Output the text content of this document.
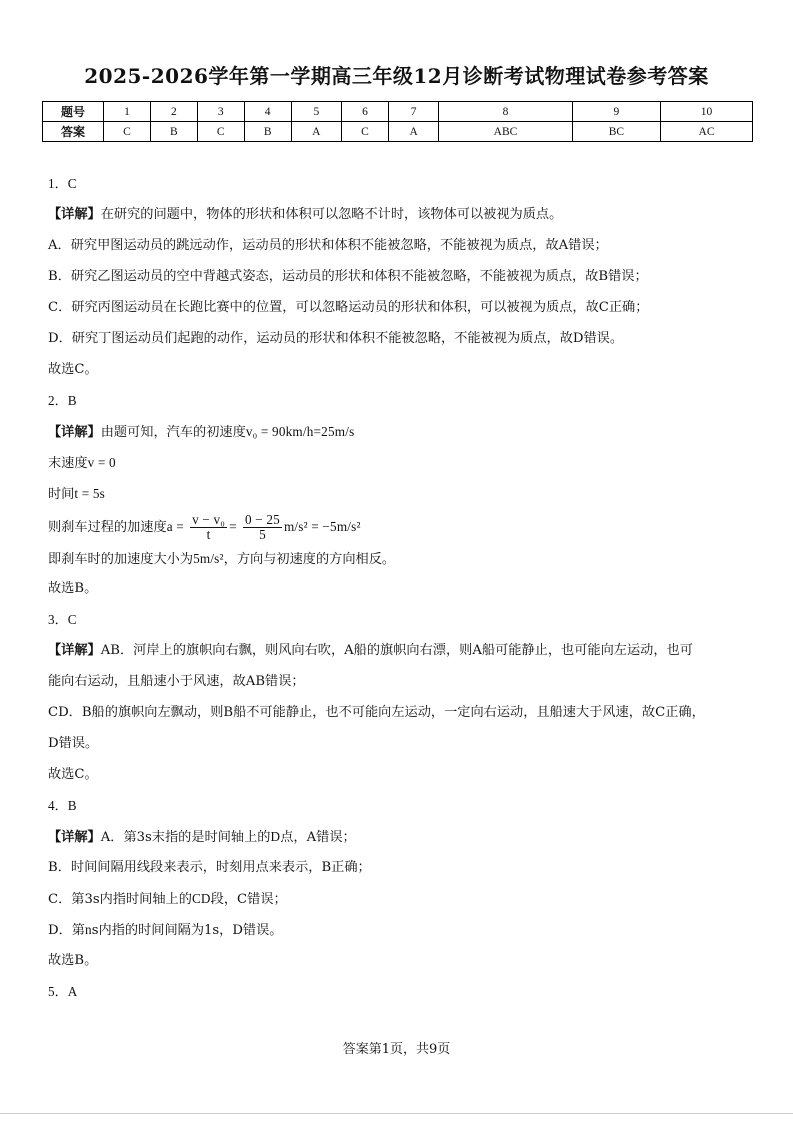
2025-2026学年第一学期高三年级12月诊断考试物理试卷参考答案
题号	1	2	3	4	5	6	7	8	9	10
答案	C	B	C	B	A	C	A	ABC	BC	AC
1．C
【详解】在研究的问题中，物体的形状和体积可以忽略不计时，该物体可以被视为质点。
A．研究甲图运动员的跳远动作，运动员的形状和体积不能被忽略，不能被视为质点，故A错误；
B．研究乙图运动员的空中背越式姿态，运动员的形状和体积不能被忽略，不能被视为质点，故B错误；
C．研究丙图运动员在长跑比赛中的位置，可以忽略运动员的形状和体积，可以被视为质点，故C正确；
D．研究丁图运动员们起跑的动作，运动员的形状和体积不能被忽略，不能被视为质点，故D错误。
故选C。
2．B
【详解】由题可知，汽车的初速度v₀ = 90km/h=25m/s
末速度v = 0
时间t = 5s
则刹车过程的加速度$a = \frac{\text{v − v₀}}{t} = \frac{0 - 25}{5} m/s^2 = -5m/s^2$
即刹车时的加速度大小为5m/s²，方向与初速度的方向相反。
故选B。
3．C
【详解】AB．河岸上的旗帜向右飘，则风向右吹，A船的旗帜向右漂，则A船可能静止，也可能向左运动，也可
能向右运动，且船速小于风速，故AB错误；
CD．B船的旗帜向左飘动，则B船不可能静止，也不可能向左运动，一定向右运动，且船速大于风速，故C正确，
D错误。
故选C。
4．B
【详解】A．第3s末指的是时间轴上的D点，A错误；
B．时间间隔用线段来表示，时刻用点来表示，B正确；
C．第3s内指时间轴上的CD段，C错误；
D．第ns内指的时间间隔为1s，D错误。
故选B。
5．A
答案第1页，共9页
